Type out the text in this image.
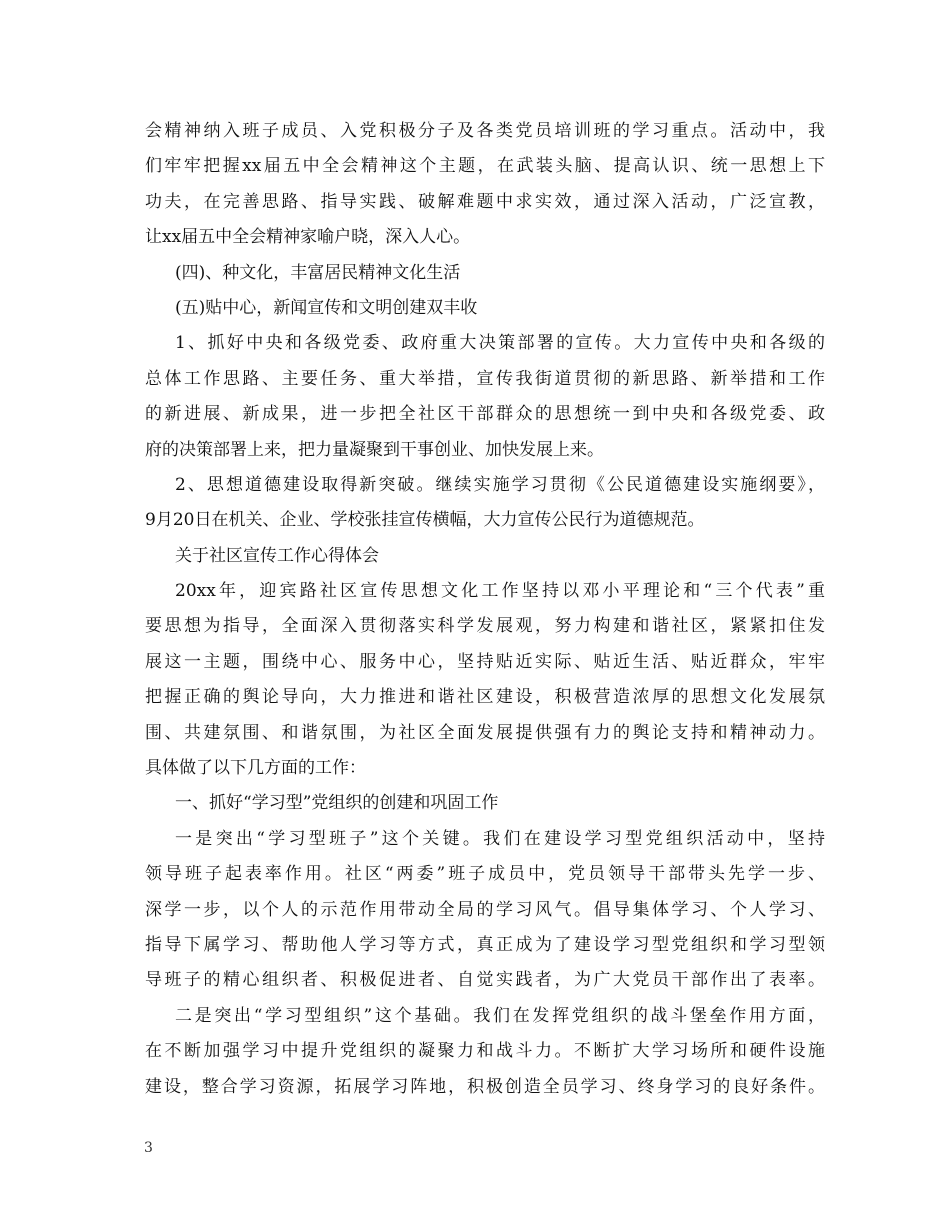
会精神纳入班子成员、入党积极分子及各类党员培训班的学习重点。活动中，我
们牢牢把握xx届五中全会精神这个主题，在武装头脑、提高认识、统一思想上下
功夫，在完善思路、指导实践、破解难题中求实效，通过深入活动，广泛宣教，
让xx届五中全会精神家喻户晓，深入人心。
(四)、种文化，丰富居民精神文化生活
(五)贴中心，新闻宣传和文明创建双丰收
1、抓好中央和各级党委、政府重大决策部署的宣传。大力宣传中央和各级的
总体工作思路、主要任务、重大举措，宣传我街道贯彻的新思路、新举措和工作
的新进展、新成果，进一步把全社区干部群众的思想统一到中央和各级党委、政
府的决策部署上来，把力量凝聚到干事创业、加快发展上来。
2、思想道德建设取得新突破。继续实施学习贯彻《公民道德建设实施纲要》，
9月20日在机关、企业、学校张挂宣传横幅，大力宣传公民行为道德规范。
关于社区宣传工作心得体会
20xx年，迎宾路社区宣传思想文化工作坚持以邓小平理论和“三个代表”重
要思想为指导，全面深入贯彻落实科学发展观，努力构建和谐社区，紧紧扣住发
展这一主题，围绕中心、服务中心，坚持贴近实际、贴近生活、贴近群众，牢牢
把握正确的舆论导向，大力推进和谐社区建设，积极营造浓厚的思想文化发展氛
围、共建氛围、和谐氛围，为社区全面发展提供强有力的舆论支持和精神动力。
具体做了以下几方面的工作：
一、抓好“学习型”党组织的创建和巩固工作
一是突出“学习型班子”这个关键。我们在建设学习型党组织活动中，坚持
领导班子起表率作用。社区“两委”班子成员中，党员领导干部带头先学一步、
深学一步，以个人的示范作用带动全局的学习风气。倡导集体学习、个人学习、
指导下属学习、帮助他人学习等方式，真正成为了建设学习型党组织和学习型领
导班子的精心组织者、积极促进者、自觉实践者，为广大党员干部作出了表率。
二是突出“学习型组织”这个基础。我们在发挥党组织的战斗堡垒作用方面，
在不断加强学习中提升党组织的凝聚力和战斗力。不断扩大学习场所和硬件设施
建设，整合学习资源，拓展学习阵地，积极创造全员学习、终身学习的良好条件。
3
